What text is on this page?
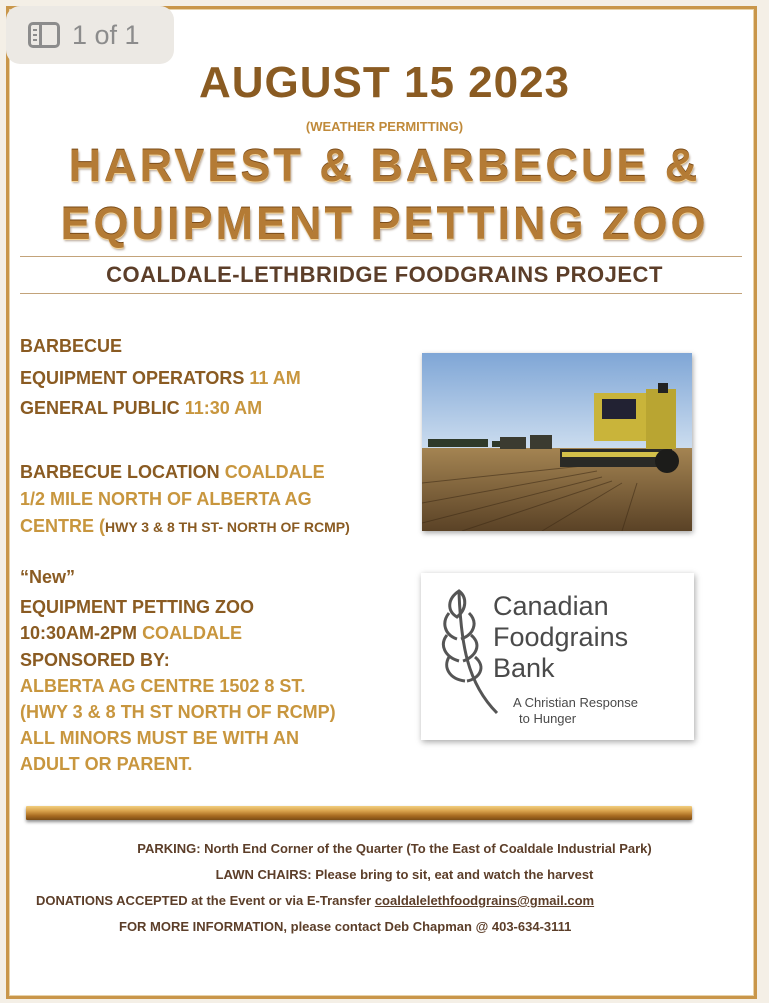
1 of 1
AUGUST 15 2023
(WEATHER PERMITTING)
HARVEST & BARBECUE &
EQUIPMENT PETTING ZOO
COALDALE-LETHBRIDGE FOODGRAINS PROJECT
BARBECUE
EQUIPMENT OPERATORS 11 AM
GENERAL PUBLIC 11:30 AM
BARBECUE LOCATION COALDALE
1/2 MILE NORTH OF ALBERTA AG
CENTRE (HWY 3 & 8 TH ST- NORTH OF RCMP)
“New”
EQUIPMENT PETTING ZOO
10:30AM-2PM COALDALE
SPONSORED BY:
ALBERTA AG CENTRE 1502 8 ST.
(HWY 3 & 8 TH ST NORTH OF RCMP)
ALL MINORS MUST BE WITH AN
ADULT OR PARENT.
Canadian
Foodgrains
Bank
A Christian Response
to Hunger
PARKING: North End Corner of the Quarter (To the East of Coaldale Industrial Park)
LAWN CHAIRS: Please bring to sit, eat and watch the harvest
DONATIONS ACCEPTED at the Event or via E-Transfer coaldalelethfoodgrains@gmail.com
FOR MORE INFORMATION, please contact Deb Chapman @ 403-634-3111
